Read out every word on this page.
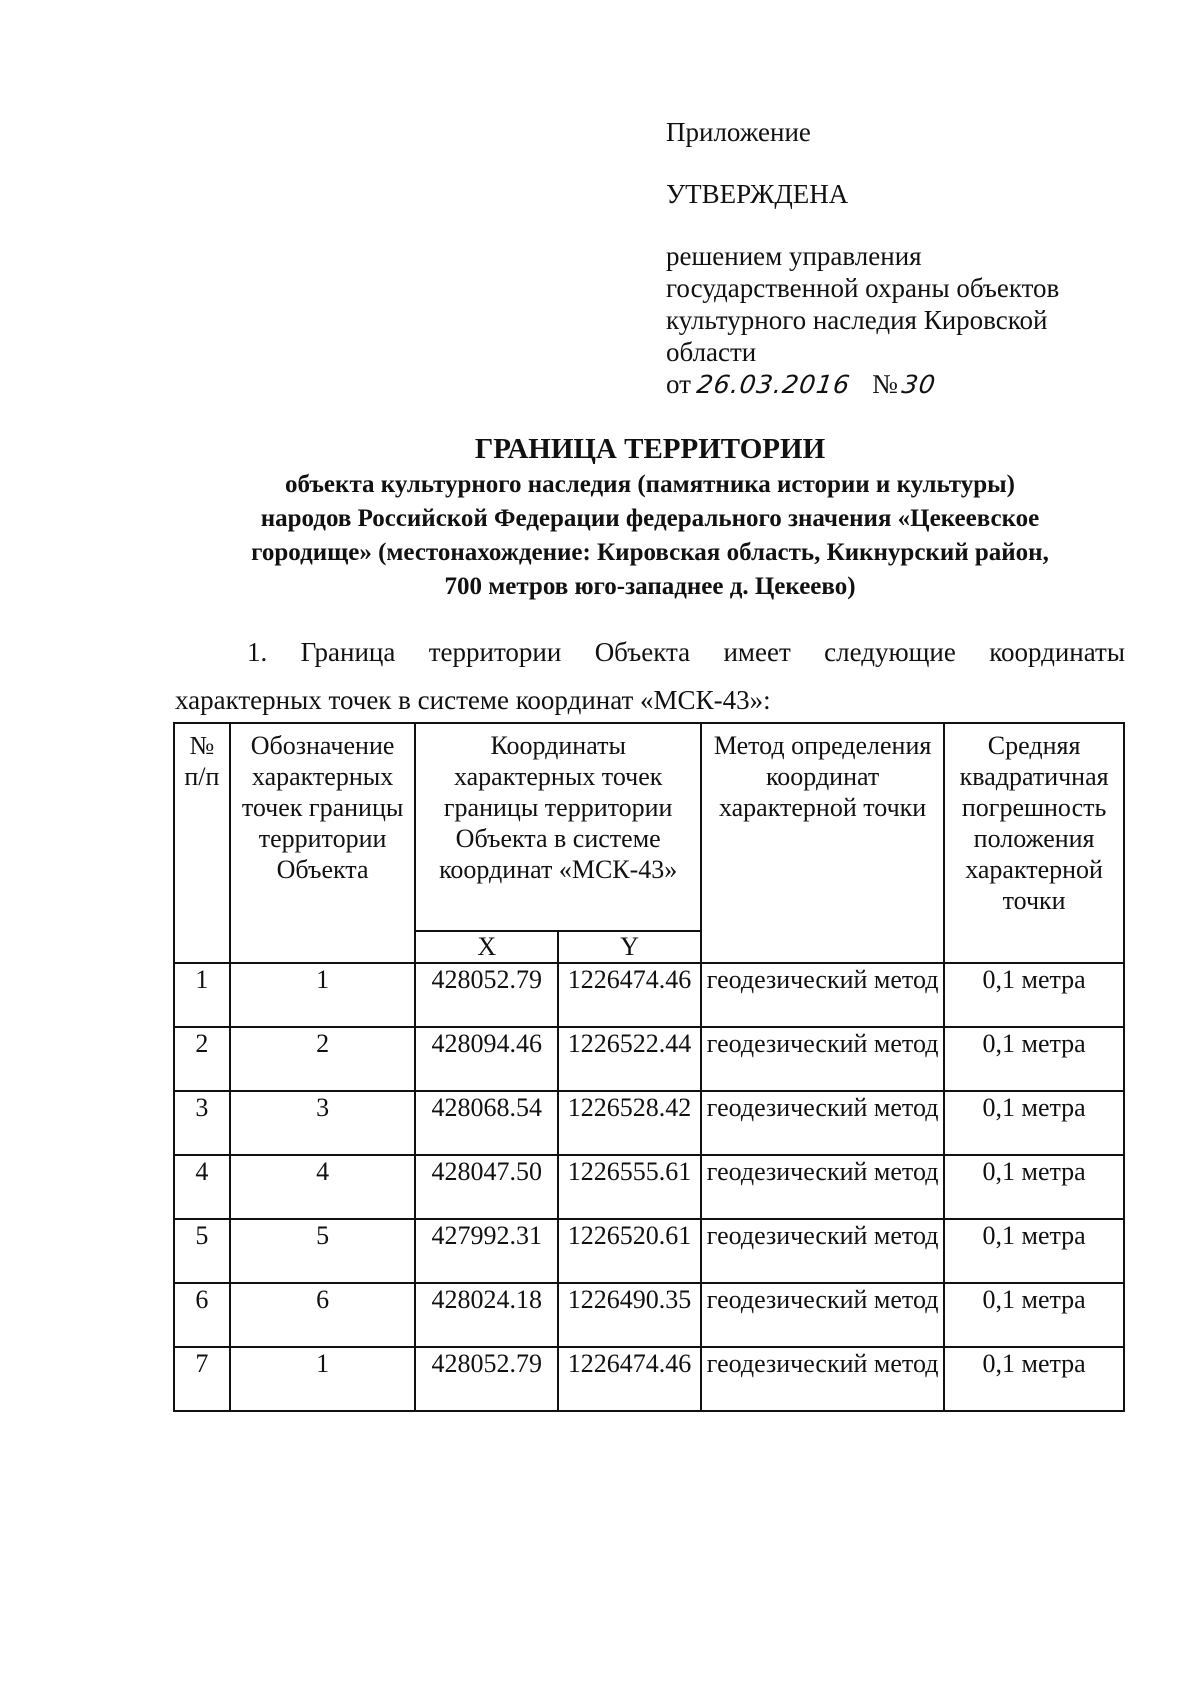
Приложение
УТВЕРЖДЕНА
решением управления
государственной охраны объектов
культурного наследия Кировской
области
от 26.03.2016 №30
ГРАНИЦА ТЕРРИТОРИИ
объекта культурного наследия (памятника истории и культуры)
народов Российской Федерации федерального значения «Цекеевское
городище» (местонахождение: Кировская область, Кикнурский район,
700 метров юго-западнее д. Цекеево)
1. Граница территории Объекта имеет следующие координаты
характерных точек в системе координат «МСК-43»:
№ п/п	Обозначение характерных точек границы территории Объекта	Координаты характерных точек границы территории Объекта в системе координат «МСК-43»		Метод определения координат характерной точки	Средняя квадратичная погрешность положения характерной точки
		X	Y		
1	1	428052.79	1226474.46	геодезический метод	0,1 метра
2	2	428094.46	1226522.44	геодезический метод	0,1 метра
3	3	428068.54	1226528.42	геодезический метод	0,1 метра
4	4	428047.50	1226555.61	геодезический метод	0,1 метра
5	5	427992.31	1226520.61	геодезический метод	0,1 метра
6	6	428024.18	1226490.35	геодезический метод	0,1 метра
7	1	428052.79	1226474.46	геодезический метод	0,1 метра
